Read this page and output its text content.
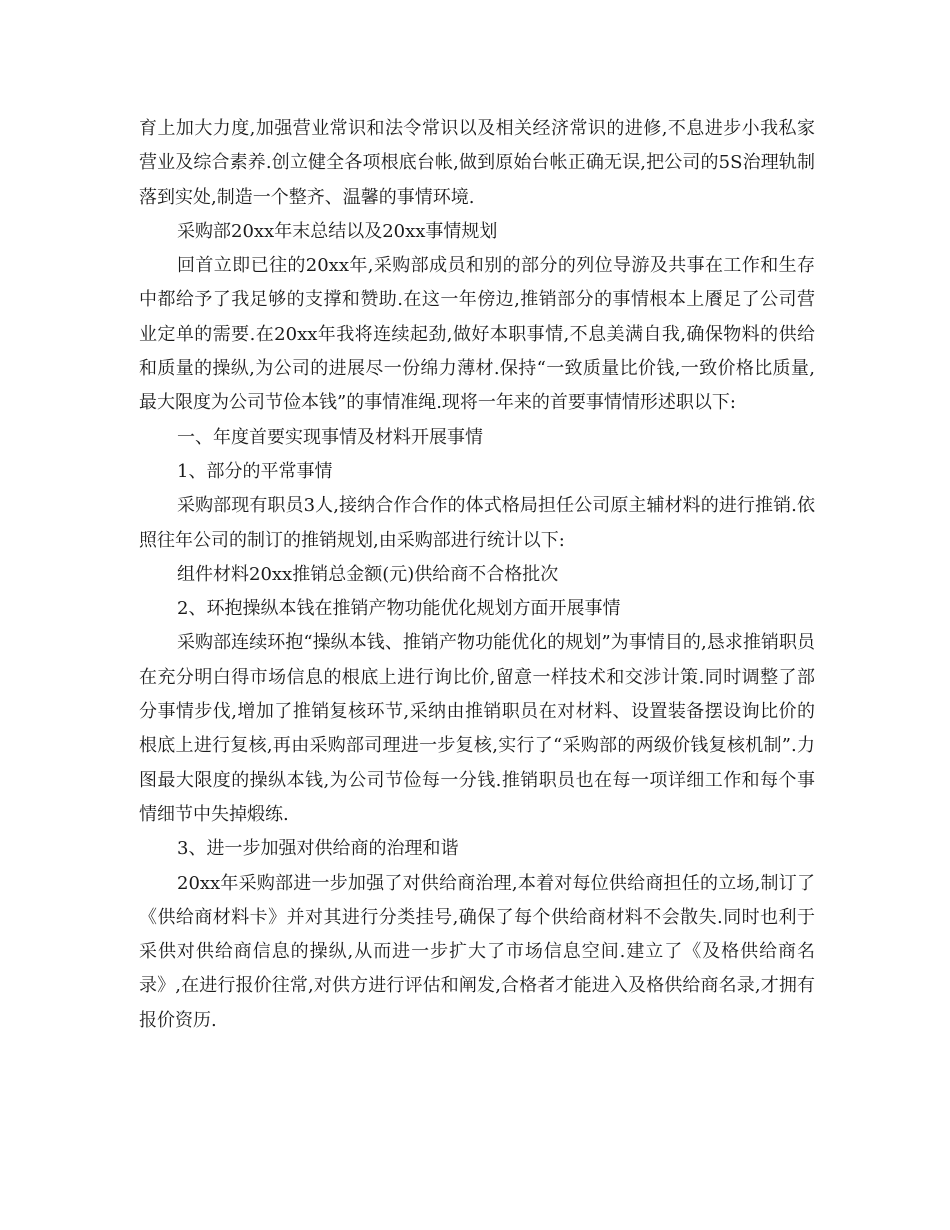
育上加大力度,加强营业常识和法令常识以及相关经济常识的进修,不息进步小我私家营业及综合素养.创立健全各项根底台帐,做到原始台帐正确无误,把公司的5S治理轨制落到实处,制造一个整齐、温馨的事情环境.

采购部20xx年末总结以及20xx事情规划

回首立即已往的20xx年,采购部成员和别的部分的列位导游及共事在工作和生存中都给予了我足够的支撑和赞助.在这一年傍边,推销部分的事情根本上餍足了公司营业定单的需要.在20xx年我将连续起劲,做好本职事情,不息美满自我,确保物料的供给和质量的操纵,为公司的进展尽一份绵力薄材.保持“一致质量比价钱,一致价格比质量,最大限度为公司节俭本钱”的事情准绳.现将一年来的首要事情情形述职以下:

一、年度首要实现事情及材料开展事情

1、部分的平常事情

采购部现有职员3人,接纳合作合作的体式格局担任公司原主辅材料的进行推销.依照往年公司的制订的推销规划,由采购部进行统计以下:

组件材料20xx推销总金额(元)供给商不合格批次

2、环抱操纵本钱在推销产物功能优化规划方面开展事情

采购部连续环抱“操纵本钱、推销产物功能优化的规划”为事情目的,恳求推销职员在充分明白得市场信息的根底上进行询比价,留意一样技术和交涉计策.同时调整了部分事情步伐,增加了推销复核环节,采纳由推销职员在对材料、设置装备摆设询比价的根底上进行复核,再由采购部司理进一步复核,实行了“采购部的两级价钱复核机制”.力图最大限度的操纵本钱,为公司节俭每一分钱.推销职员也在每一项详细工作和每个事情细节中失掉煅练.

3、进一步加强对供给商的治理和谐

20xx年采购部进一步加强了对供给商治理,本着对每位供给商担任的立场,制订了《供给商材料卡》并对其进行分类挂号,确保了每个供给商材料不会散失.同时也利于采供对供给商信息的操纵,从而进一步扩大了市场信息空间.建立了《及格供给商名录》,在进行报价往常,对供方进行评估和阐发,合格者才能进入及格供给商名录,才拥有报价资历.
